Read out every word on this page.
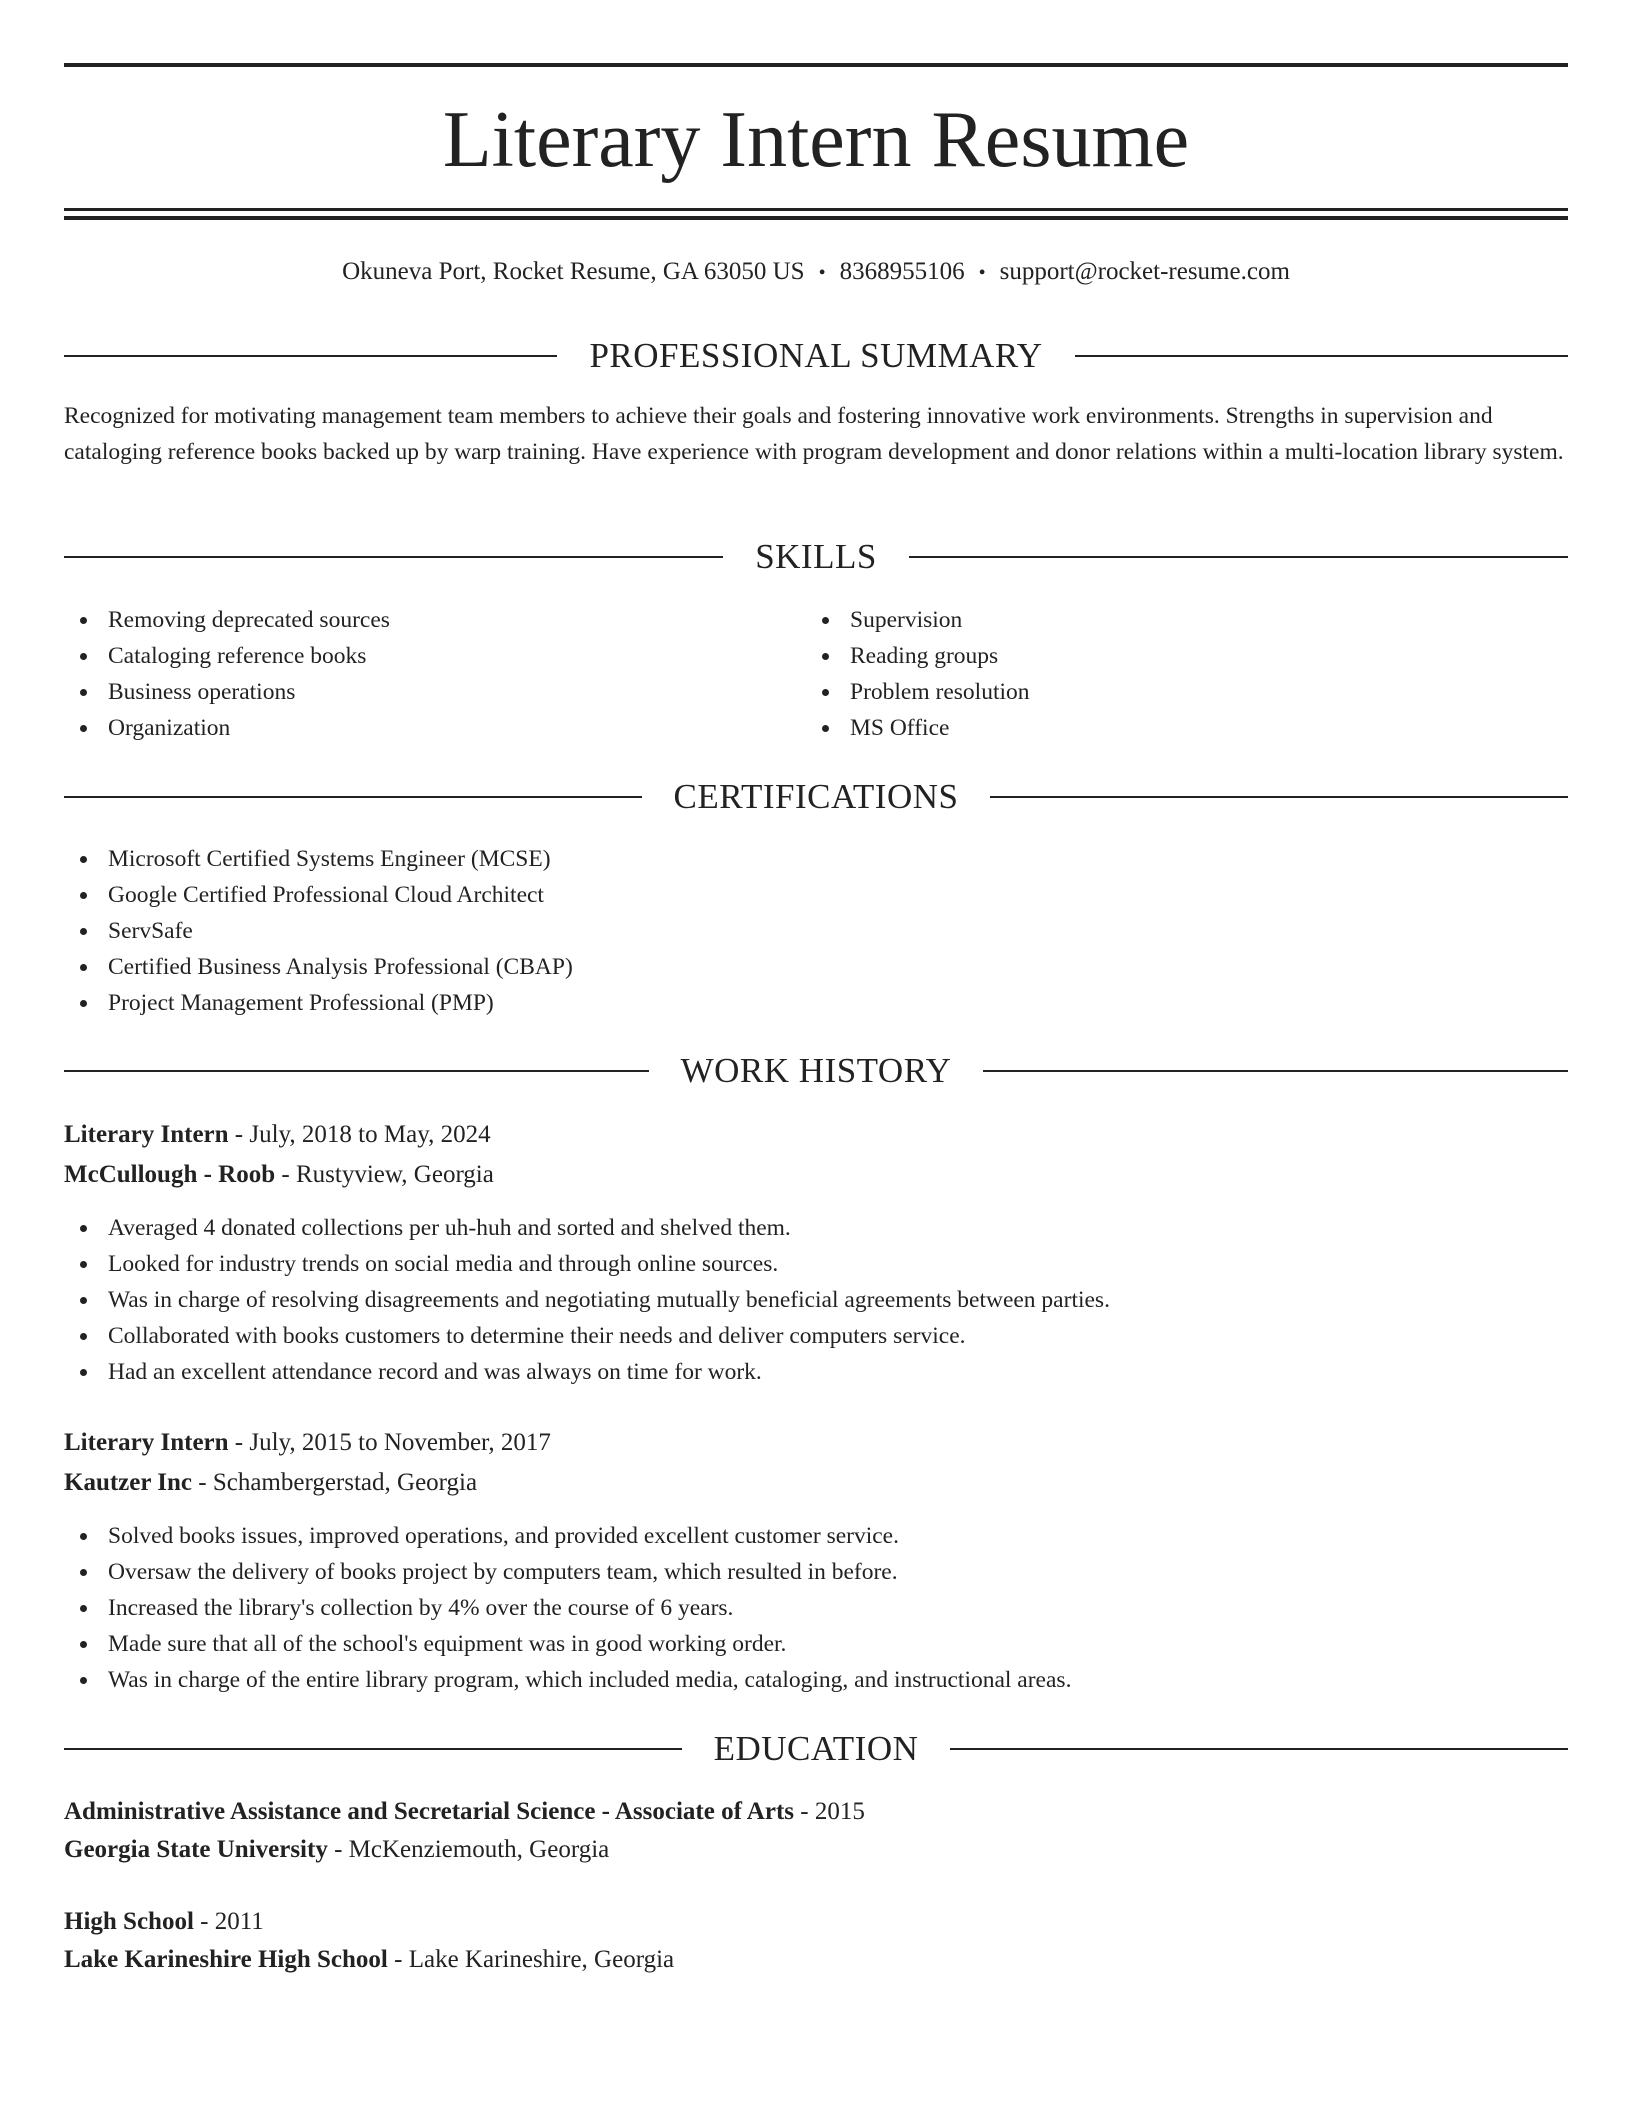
Literary Intern Resume
Okuneva Port, Rocket Resume, GA 63050 US • 8368955106 • support@rocket-resume.com
PROFESSIONAL SUMMARY
Recognized for motivating management team members to achieve their goals and fostering innovative work environments. Strengths in supervision and cataloging reference books backed up by warp training. Have experience with program development and donor relations within a multi-location library system.
SKILLS
Removing deprecated sources
Cataloging reference books
Business operations
Organization
Supervision
Reading groups
Problem resolution
MS Office
CERTIFICATIONS
Microsoft Certified Systems Engineer (MCSE)
Google Certified Professional Cloud Architect
ServSafe
Certified Business Analysis Professional (CBAP)
Project Management Professional (PMP)
WORK HISTORY
Literary Intern - July, 2018 to May, 2024
McCullough - Roob - Rustyview, Georgia
Averaged 4 donated collections per uh-huh and sorted and shelved them.
Looked for industry trends on social media and through online sources.
Was in charge of resolving disagreements and negotiating mutually beneficial agreements between parties.
Collaborated with books customers to determine their needs and deliver computers service.
Had an excellent attendance record and was always on time for work.
Literary Intern - July, 2015 to November, 2017
Kautzer Inc - Schambergerstad, Georgia
Solved books issues, improved operations, and provided excellent customer service.
Oversaw the delivery of books project by computers team, which resulted in before.
Increased the library's collection by 4% over the course of 6 years.
Made sure that all of the school's equipment was in good working order.
Was in charge of the entire library program, which included media, cataloging, and instructional areas.
EDUCATION
Administrative Assistance and Secretarial Science - Associate of Arts - 2015
Georgia State University - McKenziemouth, Georgia
High School - 2011
Lake Karineshire High School - Lake Karineshire, Georgia
